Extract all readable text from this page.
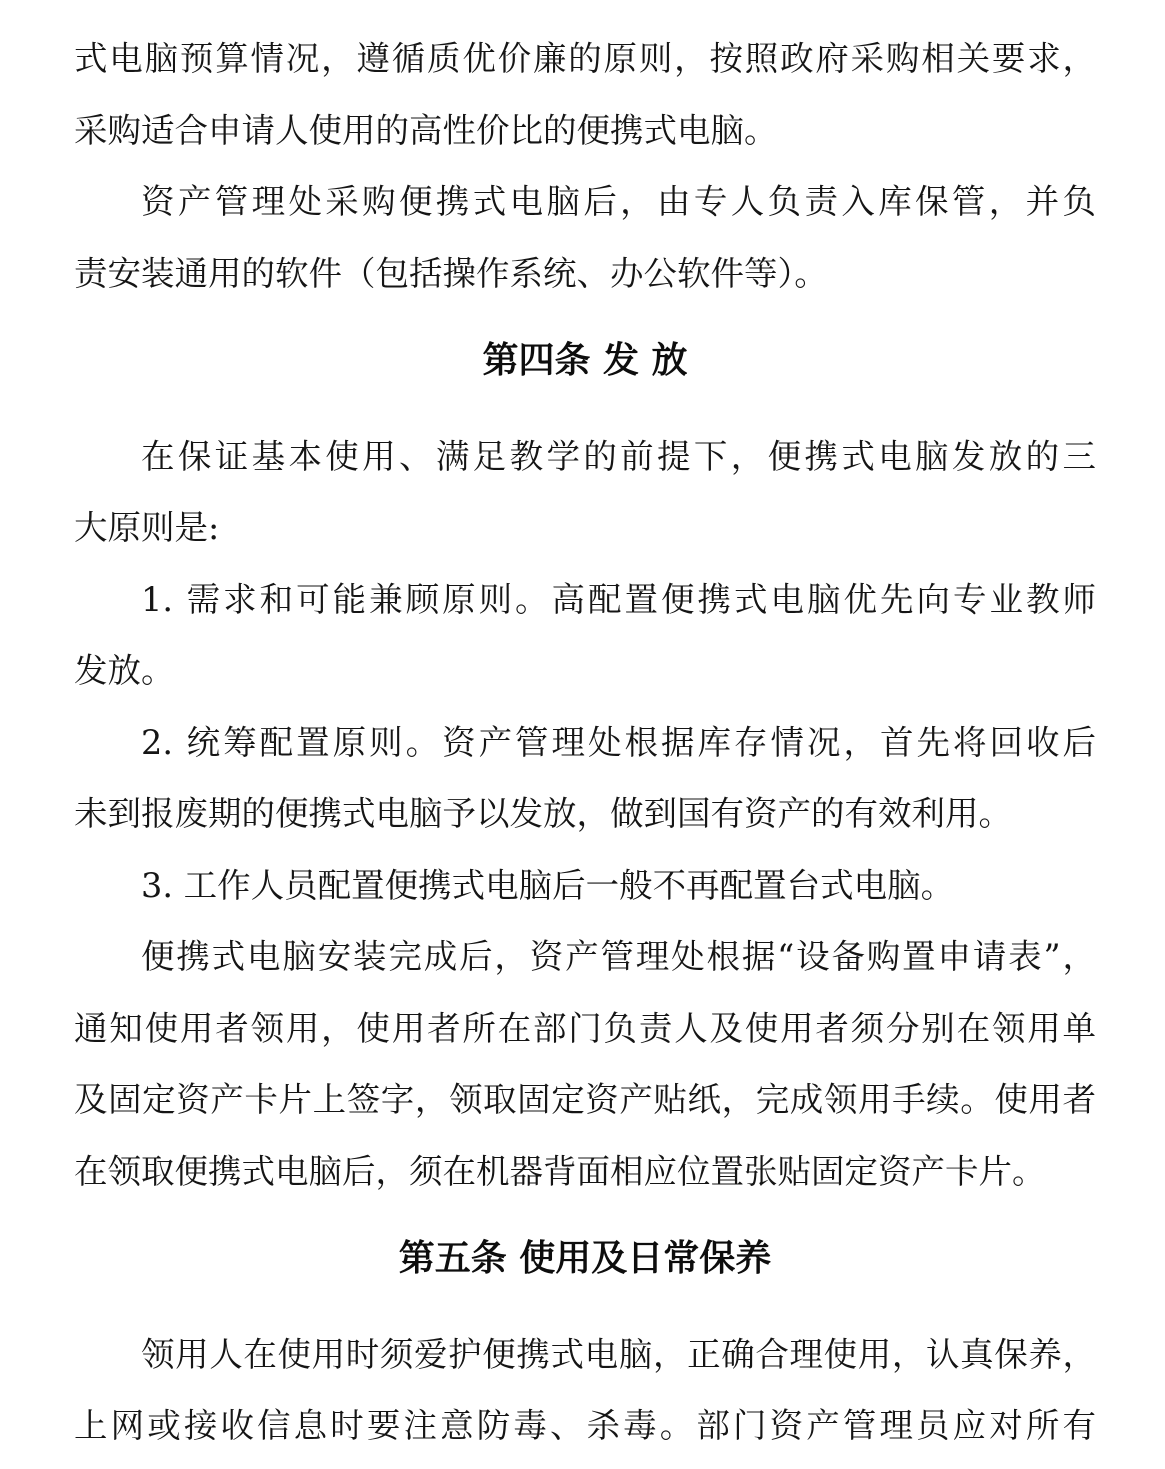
式电脑预算情况，遵循质优价廉的原则，按照政府采购相关要求，
采购适合申请人使用的高性价比的便携式电脑。
资产管理处采购便携式电脑后，由专人负责入库保管，并负
责安装通用的软件（包括操作系统、办公软件等）。
第四条 发 放
在保证基本使用、满足教学的前提下，便携式电脑发放的三
大原则是:
1. 需求和可能兼顾原则。高配置便携式电脑优先向专业教师
发放。
2. 统筹配置原则。资产管理处根据库存情况，首先将回收后
未到报废期的便携式电脑予以发放，做到国有资产的有效利用。
3. 工作人员配置便携式电脑后一般不再配置台式电脑。
便携式电脑安装完成后，资产管理处根据“设备购置申请表”，
通知使用者领用，使用者所在部门负责人及使用者须分别在领用单
及固定资产卡片上签字，领取固定资产贴纸，完成领用手续。使用者
在领取便携式电脑后，须在机器背面相应位置张贴固定资产卡片。
第五条 使用及日常保养
领用人在使用时须爱护便携式电脑，正确合理使用，认真保养，
上网或接收信息时要注意防毒、杀毒。部门资产管理员应对所有
